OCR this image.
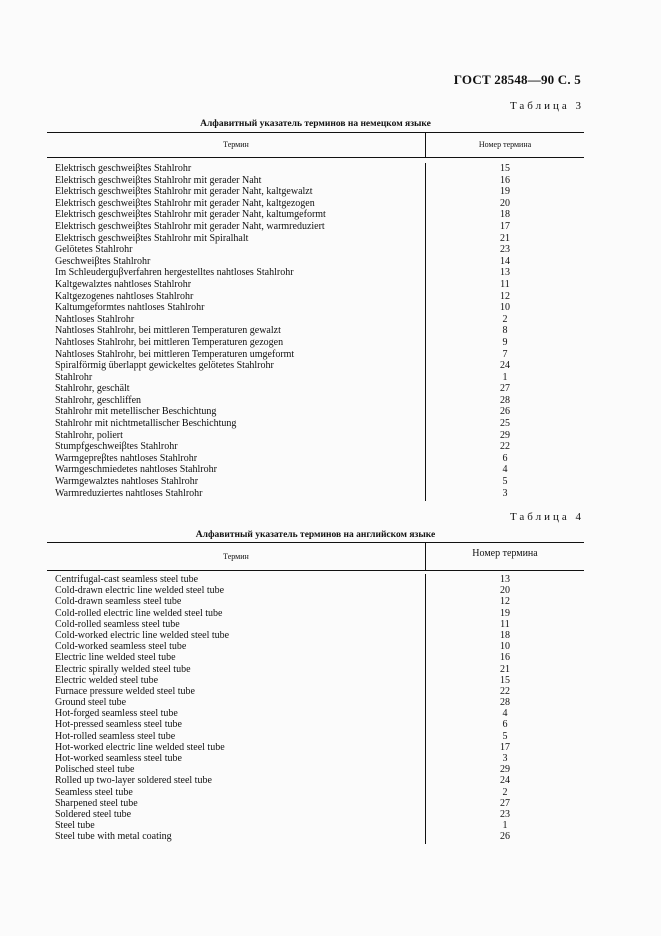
ГОСТ 28548—90 С. 5
Таблица 3
Алфавитный указатель терминов на немецком языке
Термин	Номер термина
Elektrisch geschweiβtes Stahlrohr
Elektrisch geschweiβtes Stahlrohr mit gerader Naht
Elektrisch geschweiβtes Stahlrohr mit gerader Naht, kaltgewalzt
Elektrisch geschweiβtes Stahlrohr mit gerader Naht, kaltgezogen
Elektrisch geschweiβtes Stahlrohr mit gerader Naht, kaltumgeformt
Elektrisch geschweiβtes Stahlrohr mit gerader Naht, warmreduziert
Elektrisch geschweiβtes Stahlrohr mit Spiralhalt
Gelötetes Stahlrohr
Geschweiβtes Stahlrohr
Im Schleuderguβverfahren hergestelltes nahtloses Stahlrohr
Kaltgewalztes nahtloses Stahlrohr
Kaltgezogenes nahtloses Stahlrohr
Kaltumgeformtes nahtloses Stahlrohr
Nahtloses Stahlrohr
Nahtloses Stahlrohr, bei mittleren Temperaturen gewalzt
Nahtloses Stahlrohr, bei mittleren Temperaturen gezogen
Nahtloses Stahlrohr, bei mittleren Temperaturen umgeformt
Spiralförmig überlappt gewickeltes gelötetes Stahlrohr
Stahlrohr
Stahlrohr, geschält
Stahlrohr, geschliffen
Stahlrohr mit metellischer Beschichtung
Stahlrohr mit nichtmetallischer Beschichtung
Stahlrohr, poliert
Stumpfgeschweiβtes Stahlrohr
Warmgepreβtes nahtloses Stahlrohr
Warmgeschmiedetes nahtloses Stahlrohr
Warmgewalztes nahtloses Stahlrohr
Warmreduziertes nahtloses Stahlrohr
15
16
19
20
18
17
21
23
14
13
11
12
10
2
8
9
7
24
1
27
28
26
25
29
22
6
4
5
3
Таблица 4
Алфавитный указатель терминов на английском языке
Термин	Номер термина
Centrifugal-cast seamless steel tube
Cold-drawn electric line welded steel tube
Cold-drawn seamless steel tube
Cold-rolled electric line welded steel tube
Cold-rolled seamless steel tube
Cold-worked electric line welded steel tube
Cold-worked seamless steel tube
Electric line welded steel tube
Electric spirally welded steel tube
Electric welded steel tube
Furnace pressure welded steel tube
Ground steel tube
Hot-forged seamless steel tube
Hot-pressed seamless steel tube
Hot-rolled seamless steel tube
Hot-worked electric line welded steel tube
Hot-worked seamless steel tube
Polisched steel tube
Rolled up two-layer soldered steel tube
Seamless steel tube
Sharpened steel tube
Soldered steel tube
Steel tube
Steel tube with metal coating
13
20
12
19
11
18
10
16
21
15
22
28
4
6
5
17
3
29
24
2
27
23
1
26
